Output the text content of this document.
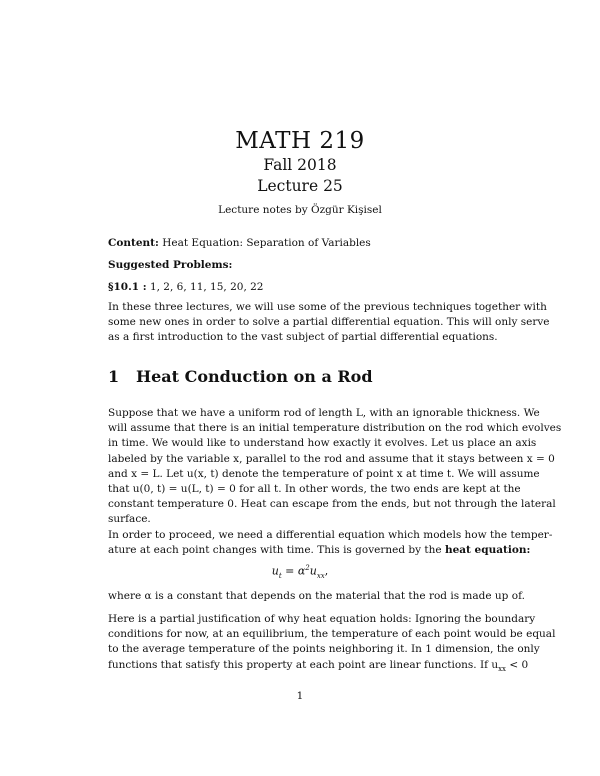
MATH 219
Fall 2018
Lecture 25
Lecture notes by Özgür Kişisel
Content: Heat Equation: Separation of Variables
Suggested Problems:
§10.1 : 1, 2, 6, 11, 15, 20, 22
In these three lectures, we will use some of the previous techniques together with
some new ones in order to solve a partial differential equation. This will only serve
as a first introduction to the vast subject of partial differential equations.
1 Heat Conduction on a Rod
Suppose that we have a uniform rod of length L, with an ignorable thickness. We
will assume that there is an initial temperature distribution on the rod which evolves
in time. We would like to understand how exactly it evolves. Let us place an axis
labeled by the variable x, parallel to the rod and assume that it stays between x = 0
and x = L. Let u(x, t) denote the temperature of point x at time t. We will assume
that u(0, t) = u(L, t) = 0 for all t. In other words, the two ends are kept at the
constant temperature 0. Heat can escape from the ends, but not through the lateral
surface.
In order to proceed, we need a differential equation which models how the temper-
ature at each point changes with time. This is governed by the heat equation:
$u_t = \alpha^2u_{xx}$,
where α is a constant that depends on the material that the rod is made up of.
Here is a partial justification of why heat equation holds: Ignoring the boundary
conditions for now, at an equilibrium, the temperature of each point would be equal
to the average temperature of the points neighboring it. In 1 dimension, the only
functions that satisfy this property at each point are linear functions. If $u_{xx} < 0$
1
